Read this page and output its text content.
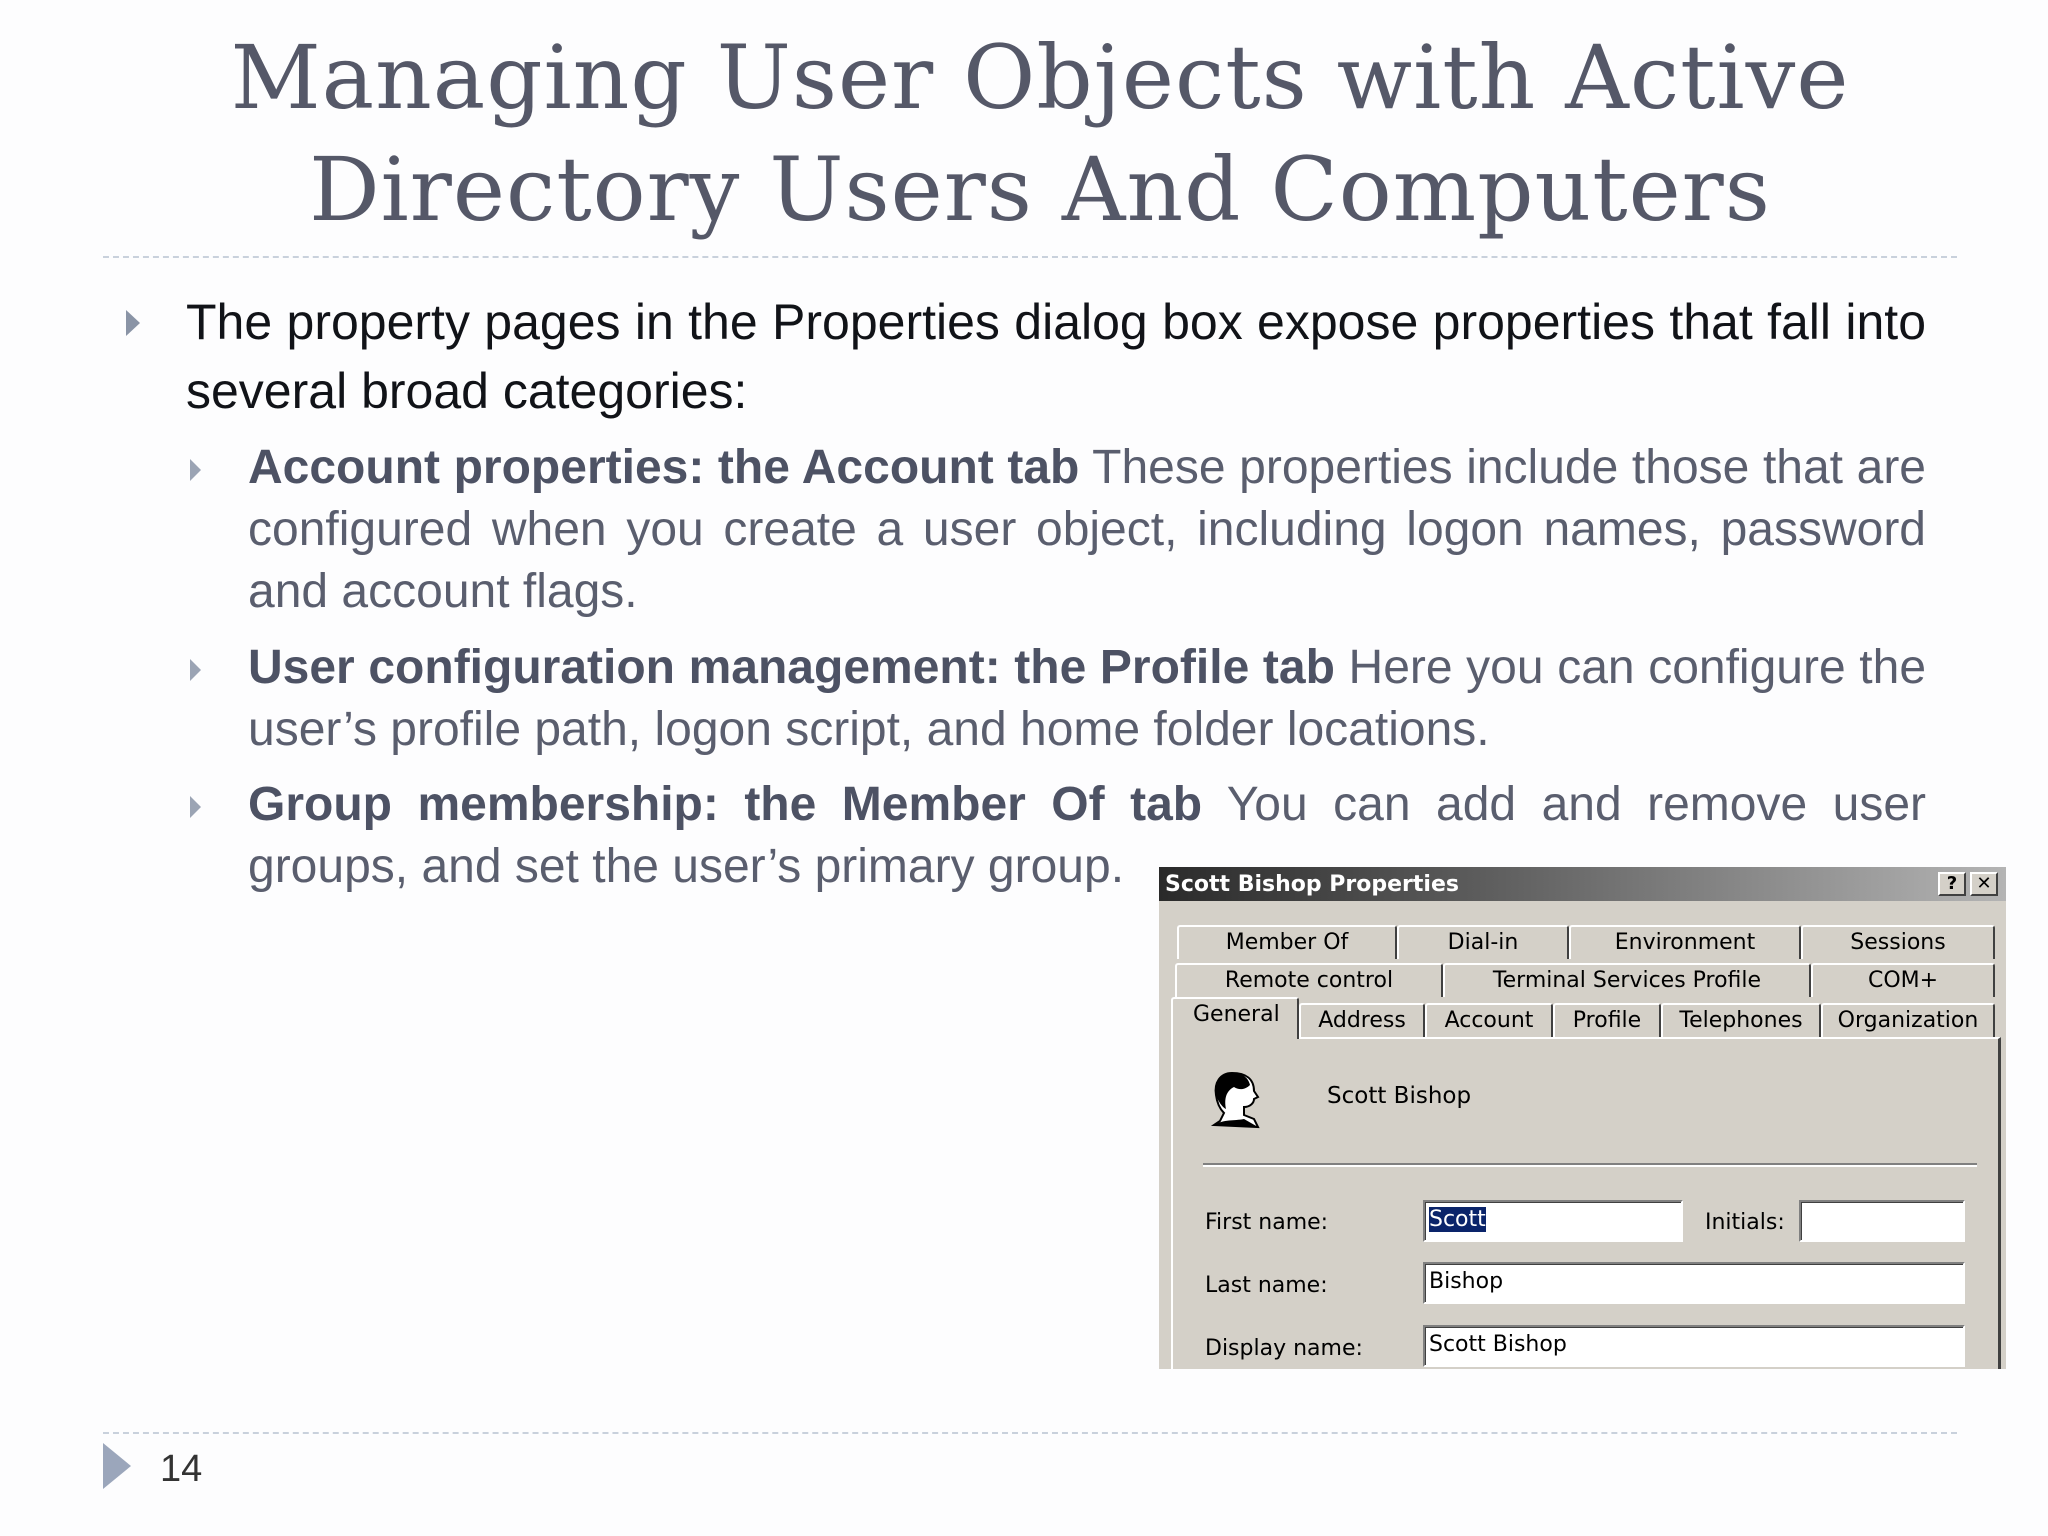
Managing User Objects with Active
Directory Users And Computers

The property pages in the Properties dialog box expose properties that fall into several broad categories:

Account properties: the Account tab These properties include those that are configured when you create a user object, including logon names, password and account flags.

User configuration management: the Profile tab Here you can configure the user’s profile path, logon script, and home folder locations.

Group membership: the Member Of tab You can add and remove user groups, and set the user’s primary group.	Scott Bishop Properties	?	✕
Member Of	Dial-in	Environment	Sessions
Remote control	Terminal Services Profile	COM+
General	Address	Account	Profile	Telephones	Organization
Scott Bishop
First name:	Scott	Initials:
Last name:	Bishop
Display name:	Scott Bishop
14
